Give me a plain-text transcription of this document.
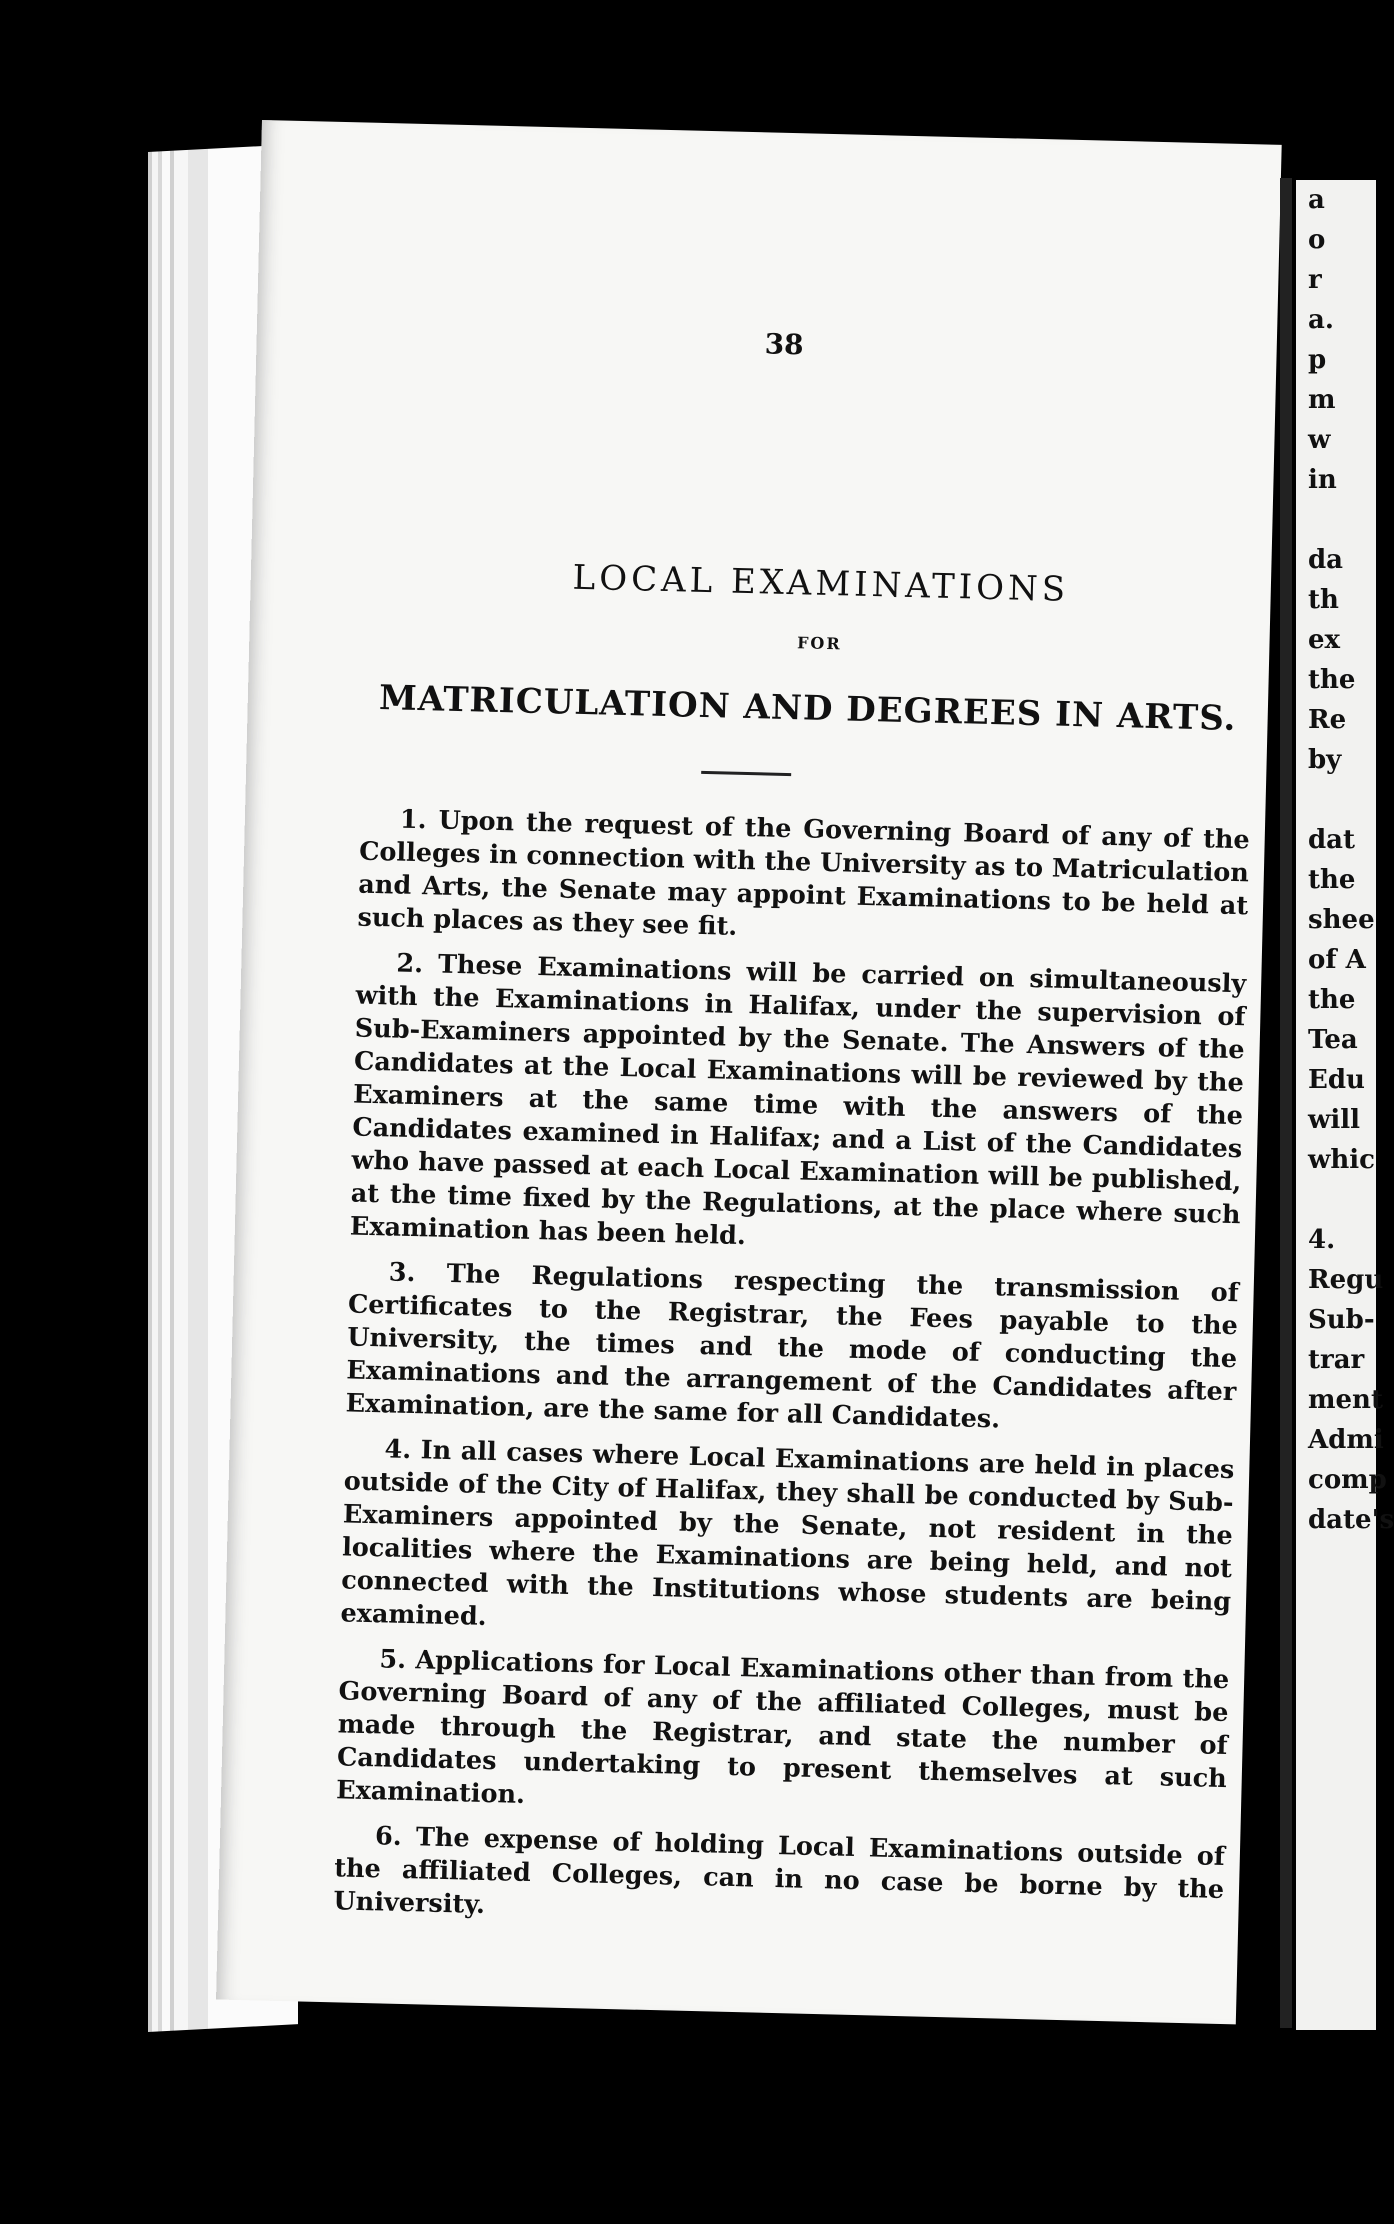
38
LOCAL EXAMINATIONS
FOR
MATRICULATION AND DEGREES IN ARTS.

1. Upon the request of the Governing Board of any of the Colleges in connection with the University as to Matriculation and Arts, the Senate may appoint Examinations to be held at such places as they see fit.

2. These Examinations will be carried on simultaneously with the Examinations in Halifax, under the supervision of Sub-Examiners appointed by the Senate. The Answers of the Candidates at the Local Examinations will be reviewed by the Examiners at the same time with the answers of the Candidates examined in Halifax; and a List of the Candidates who have passed at each Local Examination will be published, at the time fixed by the Regulations, at the place where such Examination has been held.

3. The Regulations respecting the transmission of Certificates to the Registrar, the Fees payable to the University, the times and the mode of conducting the Examinations and the arrangement of the Candidates after Examination, are the same for all Candidates.

4. In all cases where Local Examinations are held in places outside of the City of Halifax, they shall be conducted by Sub-Examiners appointed by the Senate, not resident in the localities where the Examinations are being held, and not connected with the Institutions whose students are being examined.

5. Applications for Local Examinations other than from the Governing Board of any of the affiliated Colleges, must be made through the Registrar, and state the number of Candidates undertaking to present themselves at such Examination.

6. The expense of holding Local Examinations outside of the affiliated Colleges, can in no case be borne by the University.

a
o
r
a.
p
m
w
in

da
th
ex
the
Re
by

dat
the
shee
of A
the
Tea
Edu
will
whic

4.
Regu
Sub-
trar
ment
Admi
comp
date's
